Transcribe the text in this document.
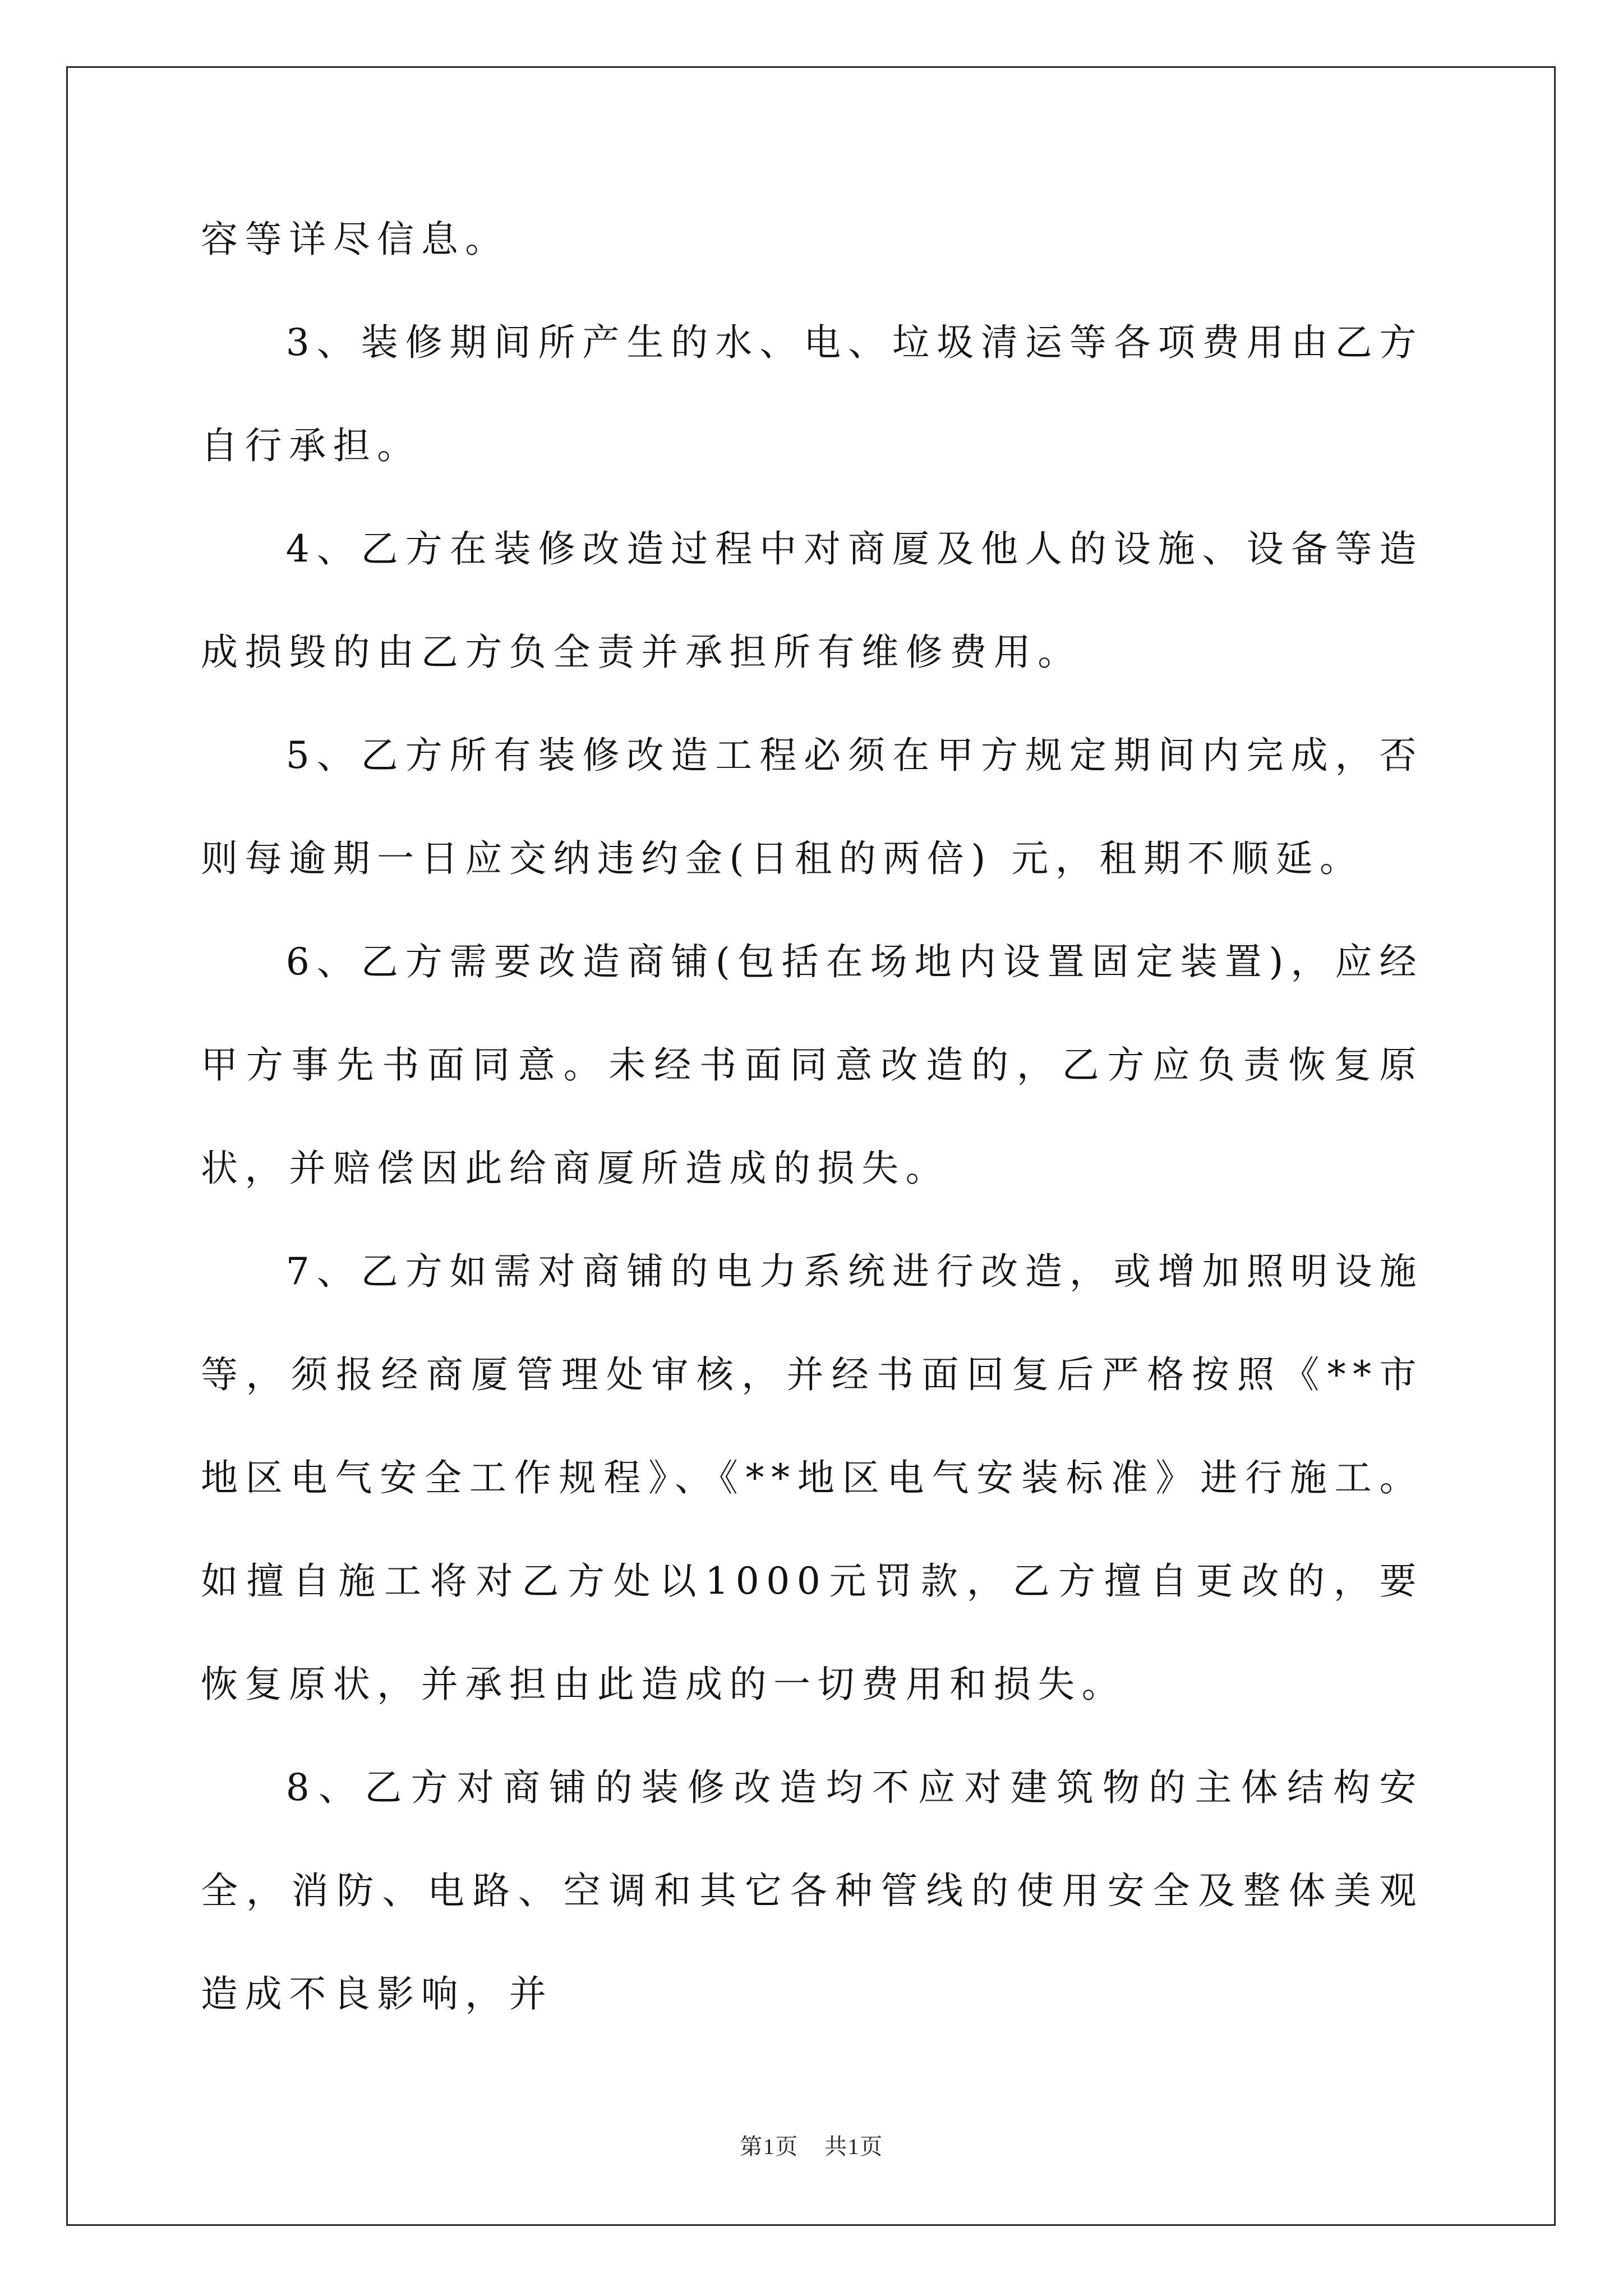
容等详尽信息。

3、装修期间所产生的水、电、垃圾清运等各项费用由乙方自行承担。

4、乙方在装修改造过程中对商厦及他人的设施、设备等造成损毁的由乙方负全责并承担所有维修费用。

5、乙方所有装修改造工程必须在甲方规定期间内完成，否则每逾期一日应交纳违约金(日租的两倍) 元，租期不顺延。

6、乙方需要改造商铺(包括在场地内设置固定装置)，应经甲方事先书面同意。未经书面同意改造的，乙方应负责恢复原状，并赔偿因此给商厦所造成的损失。

7、乙方如需对商铺的电力系统进行改造，或增加照明设施等，须报经商厦管理处审核，并经书面回复后严格按照《**市地区电气安全工作规程》、《**地区电气安装标准》进行施工。如擅自施工将对乙方处以1000元罚款，乙方擅自更改的，要恢复原状，并承担由此造成的一切费用和损失。

8、乙方对商铺的装修改造均不应对建筑物的主体结构安全，消防、电路、空调和其它各种管线的使用安全及整体美观造成不良影响，并

第1页 共1页
